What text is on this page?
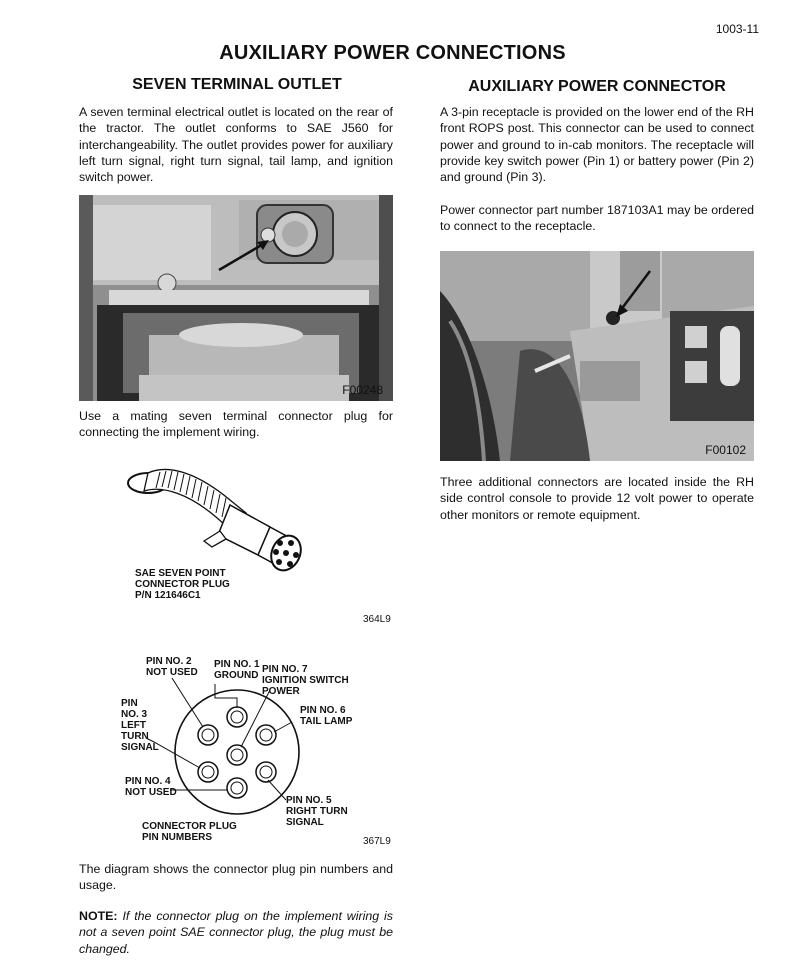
1003-11
AUXILIARY POWER CONNECTIONS
SEVEN TERMINAL OUTLET
A seven terminal electrical outlet is located on the rear of the tractor. The outlet conforms to SAE J560 for interchangeability. The outlet provides power for auxiliary left turn signal, right turn signal, tail lamp, and ignition switch power.
F00248
Use a mating seven terminal connector plug for connecting the implement wiring.
SAE SEVEN POINT
CONNECTOR PLUG
P/N 121646C1
364L9
PIN NO. 2
NOT USED
PIN NO. 1
GROUND
PIN NO. 7
IGNITION SWITCH
POWER
PIN
NO. 3
LEFT
TURN
SIGNAL
PIN NO. 6
TAIL LAMP
PIN NO. 4
NOT USED
PIN NO. 5
RIGHT TURN
SIGNAL
CONNECTOR PLUG
PIN NUMBERS	367L9
The diagram shows the connector plug pin numbers and usage.
NOTE: If the connector plug on the implement wiring is not a seven point SAE connector plug, the plug must be changed.
AUXILIARY POWER CONNECTOR
A 3-pin receptacle is provided on the lower end of the RH front ROPS post. This connector can be used to connect power and ground to in-cab monitors. The receptacle will provide key switch power (Pin 1) or battery power (Pin 2) and ground (Pin 3).
Power connector part number 187103A1 may be ordered to connect to the receptacle.
F00102
Three additional connectors are located inside the RH side control console to provide 12 volt power to operate other monitors or remote equipment.
